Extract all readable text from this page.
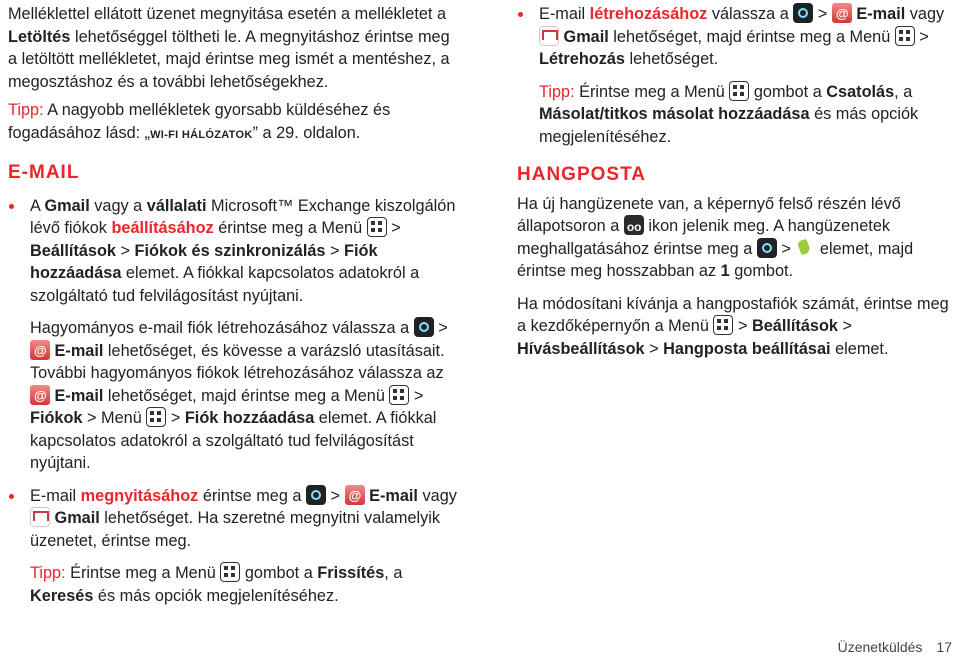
Melléklettel ellátott üzenet megnyitása esetén a mellékletet a Letöltés lehetőséggel töltheti le. A megnyitáshoz érintse meg a letöltött mellékletet, majd érintse meg ismét a mentéshez, a megosztáshoz és a további lehetőségekhez.

Tipp: A nagyobb mellékletek gyorsabb küldéséhez és fogadásához lásd: „WI-FI HÁLÓZATOK” a 29. oldalon.

E-MAIL

A Gmail vagy a vállalati Microsoft™ Exchange kiszolgálón lévő fiókok beállításához érintse meg a Menü
> Beállítások > Fiókok és szinkronizálás > Fiók hozzáadása elemet. A fiókkal kapcsolatos adatokról a szolgáltató tud felvilágosítást nyújtani.

Hagyományos e-mail fiók létrehozásához válassza a  > @ E-mail lehetőséget, és kövesse a varázsló utasításait. További hagyományos fiókok létrehozásához válassza az @ E-mail lehetőséget, majd érintse meg a Menü
> Fiókok > Menü
> Fiók hozzáadása elemet. A fiókkal kapcsolatos adatokról a szolgáltató tud felvilágosítást nyújtani.

E-mail megnyitásához érintse meg a  > @ E-mail vagy  Gmail lehetőséget. Ha szeretné megnyitni valamelyik üzenetet, érintse meg.

Tipp: Érintse meg a Menü
gombot a Frissítés, a Keresés és más opciók megjelenítéséhez.

E-mail létrehozásához válassza a  > @ E-mail vagy  Gmail lehetőséget, majd érintse meg a Menü
> Létrehozás lehetőséget.

Tipp: Érintse meg a Menü
gombot a Csatolás, a Másolat/titkos másolat hozzáadása és más opciók megjelenítéséhez.

HANGPOSTA

Ha új hangüzenete van, a képernyő felső részén lévő állapotsoron a oo ikon jelenik meg. A hangüzenetek meghallgatásához érintse meg a  >  elemet, majd érintse meg hosszabban az 1 gombot.

Ha módosítani kívánja a hangpostafiók számát, érintse meg a kezdőképernyőn a Menü
> Beállítások > Hívásbeállítások > Hangposta beállításai elemet.

Üzenetküldés 17
